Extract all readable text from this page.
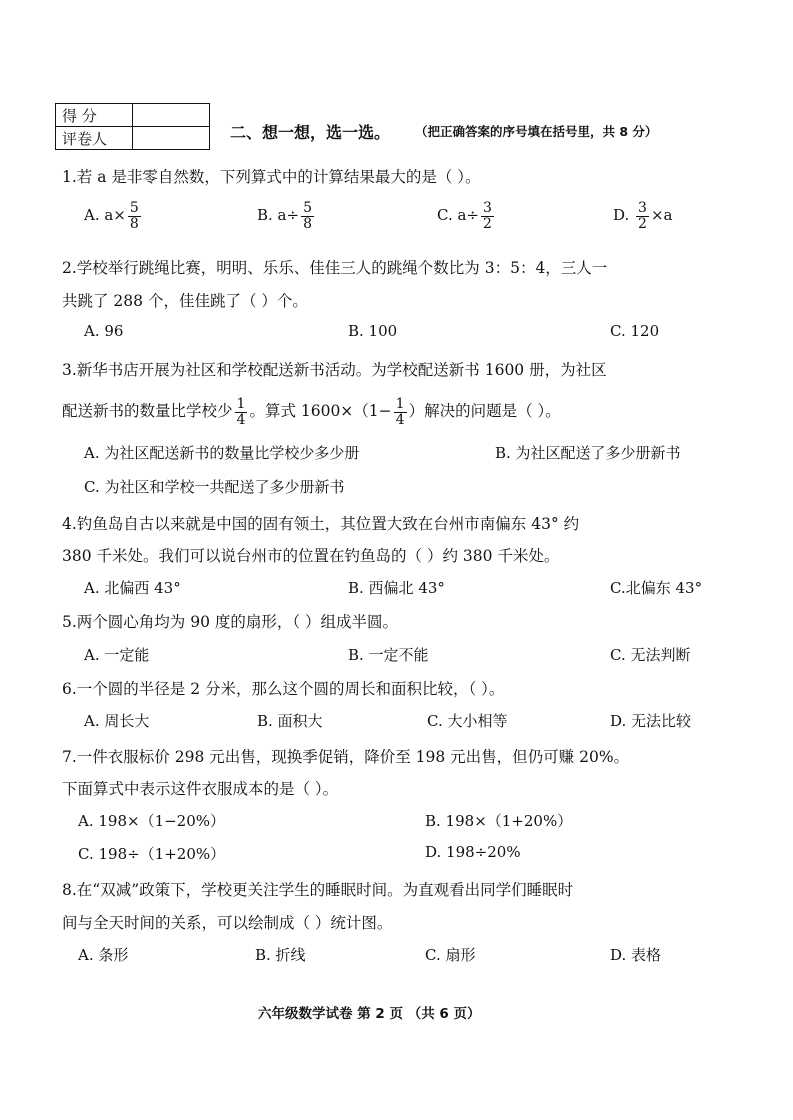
得 分	
评卷人		二、想一想，选一选。 （把正确答案的序号填在括号里，共 8 分）
1.若 a 是非零自然数，下列算式中的计算结果最大的是（ ）。
A. $a\times \frac{5}{8}$	B. $a\div \frac{5}{8}$	C. $a\div \frac{3}{2}$	D. $\frac{3}{2} \times a$
2.学校举行跳绳比赛，明明、乐乐、佳佳三人的跳绳个数比为 3：5：4，三人一
共跳了 288 个，佳佳跳了（ ）个。
A. 96	B. 100	C. 120
3.新华书店开展为社区和学校配送新书活动。为学校配送新书 1600 册，为社区
配送新书的数量比学校少 $\frac{1}{4}$ 。算式 $1600\times(1- \frac{1}{4}$ ）解决的问题是（ ）。
A. 为社区配送新书的数量比学校少多少册	B. 为社区配送了多少册新书
C. 为社区和学校一共配送了多少册新书
4.钓鱼岛自古以来就是中国的固有领土，其位置大致在台州市南偏东 43° 约
380 千米处。我们可以说台州市的位置在钓鱼岛的（ ）约 380 千米处。
A. 北偏西 43°	B. 西偏北 43°	C.北偏东 43°
5.两个圆心角均为 90 度的扇形，（ ）组成半圆。
A. 一定能	B. 一定不能	C. 无法判断
6.一个圆的半径是 2 分米，那么这个圆的周长和面积比较，（ ）。
A. 周长大	B. 面积大	C. 大小相等	D. 无法比较
7.一件衣服标价 298 元出售，现换季促销，降价至 198 元出售，但仍可赚 20%。
下面算式中表示这件衣服成本的是（ ）。
A. 198×（1−20%）	B. 198×（1+20%）
C. 198÷（1+20%）	D. 198÷20%
8.在“双减”政策下，学校更关注学生的睡眠时间。为直观看出同学们睡眠时
间与全天时间的关系，可以绘制成（ ）统计图。
A. 条形	B. 折线	C. 扇形	D. 表格
六年级数学试卷 第 2 页 （共 6 页）
